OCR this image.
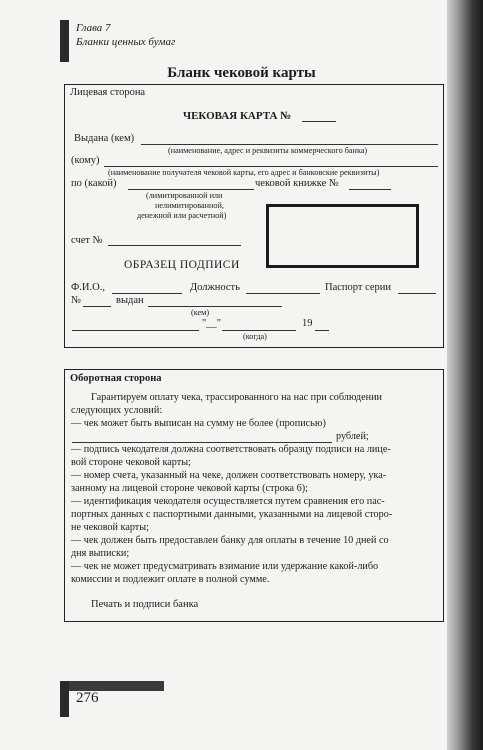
Глава 7
Бланки ценных бумаг
Бланк чековой карты
Лицевая сторона
ЧЕКОВАЯ КАРТА №
Выдана (кем)
(наименование, адрес и реквизиты коммерческого банка)
(кому)
(наименование получателя чековой карты, его адрес и банковские реквизиты)
по (какой)	чековой книжке №
(лимитированной или
нелимитированной,
денежной или расчетной)
счет №
ОБРАЗЕЦ ПОДПИСИ
Ф.И.О.,	Должность	Паспорт серии
№	выдан
(кем)
"__"	19
(когда)
Оборотная сторона
Гарантируем оплату чека, трассированного на нас при соблюдении
следующих условий:
— чек может быть выписан на сумму не более (прописью)
рублей;
— подпись чекодателя должна соответствовать образцу подписи на лице-
вой стороне чековой карты;
— номер счета, указанный на чеке, должен соответствовать номеру, ука-
занному на лицевой стороне чековой карты (строка 6);
— идентификация чекодателя осуществляется путем сравнения его пас-
портных данных с паспортными данными, указанными на лицевой сторо-
не чековой карты;
— чек должен быть предоставлен банку для оплаты в течение 10 дней со
дня выписки;
— чек не может предусматривать взимание или удержание какой-либо
комиссии и подлежит оплате в полной сумме.
Печать и подписи банка
276
